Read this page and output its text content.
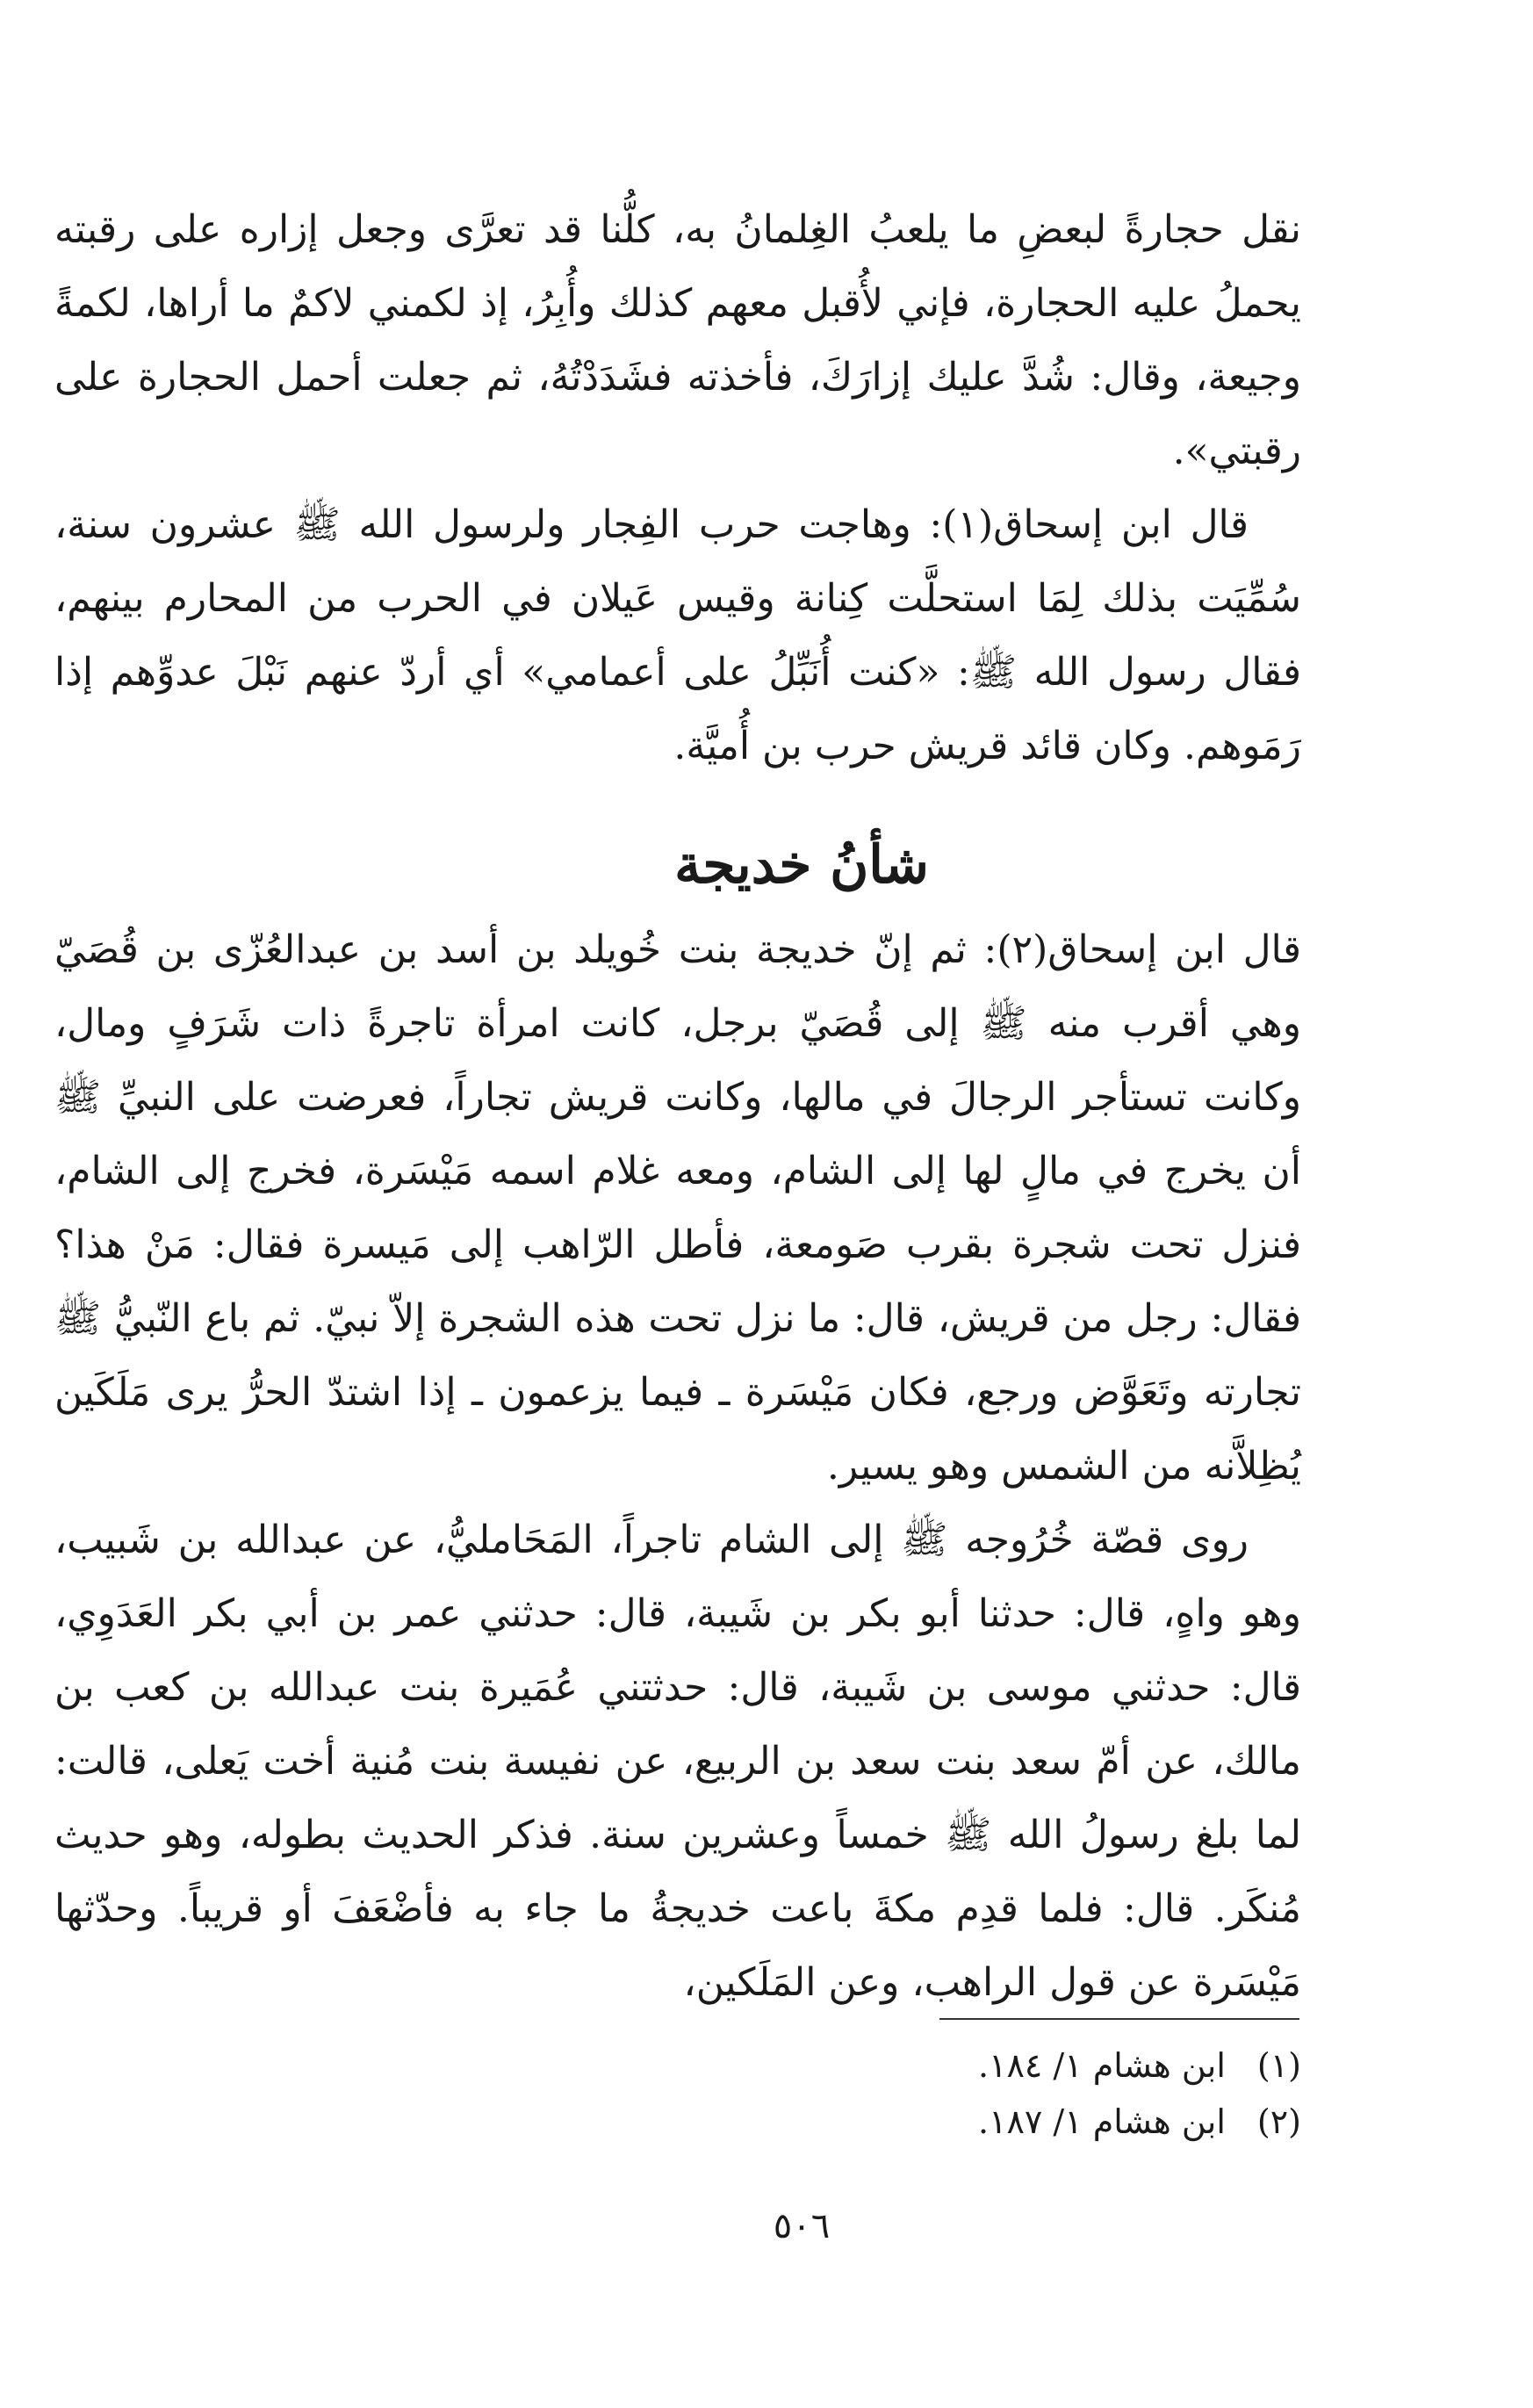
نقل حجارةً لبعضِ ما يلعبُ الغِلمانُ به، كلُّنا قد تعرَّى وجعل إزاره على رقبته يحملُ عليه الحجارة، فإني لأُقبل معهم كذلك وأُبِرُ، إذ لكمني لاكمٌ ما أراها، لكمةً وجيعة، وقال: شُدَّ عليك إزارَكَ، فأخذته فشَدَدْتُهُ، ثم جعلت أحمل الحجارة على رقبتي».

قال ابن إسحاق(١): وهاجت حرب الفِجار ولرسول الله ﷺ عشرون سنة، سُمِّيَت بذلك لِمَا استحلَّت كِنانة وقيس عَيلان في الحرب من المحارم بينهم، فقال رسول الله ﷺ: «كنت أُنَبِّلُ على أعمامي» أي أردّ عنهم نَبْلَ عدوِّهم إذا رَمَوهم. وكان قائد قريش حرب بن أُميَّة.

شأنُ خديجة

قال ابن إسحاق(٢): ثم إنّ خديجة بنت خُويلد بن أسد بن عبدالعُزّى بن قُصَيّ وهي أقرب منه ﷺ إلى قُصَيّ برجل، كانت امرأة تاجرةً ذات شَرَفٍ ومال، وكانت تستأجر الرجالَ في مالها، وكانت قريش تجاراً، فعرضت على النبيِّ ﷺ أن يخرج في مالٍ لها إلى الشام، ومعه غلام اسمه مَيْسَرة، فخرج إلى الشام، فنزل تحت شجرة بقرب صَومعة، فأطل الرّاهب إلى مَيسرة فقال: مَنْ هذا؟ فقال: رجل من قريش، قال: ما نزل تحت هذه الشجرة إلاّ نبيّ. ثم باع النّبيُّ ﷺ تجارته وتَعَوَّض ورجع، فكان مَيْسَرة ـ فيما يزعمون ـ إذا اشتدّ الحرُّ يرى مَلَكَين يُظِلاَّنه من الشمس وهو يسير.

روى قصّة خُرُوجه ﷺ إلى الشام تاجراً، المَحَامليُّ، عن عبدالله بن شَبيب، وهو واهٍ، قال: حدثنا أبو بكر بن شَيبة، قال: حدثني عمر بن أبي بكر العَدَوِي، قال: حدثني موسى بن شَيبة، قال: حدثتني عُمَيرة بنت عبدالله بن كعب بن مالك، عن أمّ سعد بنت سعد بن الربيع، عن نفيسة بنت مُنية أخت يَعلى، قالت: لما بلغ رسولُ الله ﷺ خمساً وعشرين سنة. فذكر الحديث بطوله، وهو حديث مُنكَر. قال: فلما قدِم مكةَ باعت خديجةُ ما جاء به فأضْعَفَ أو قريباً. وحدّثها مَيْسَرة عن قول الراهب، وعن المَلَكين،

(١)ابن هشام ١/ ١٨٤.
(٢)ابن هشام ١/ ١٨٧.
٥٠٦
